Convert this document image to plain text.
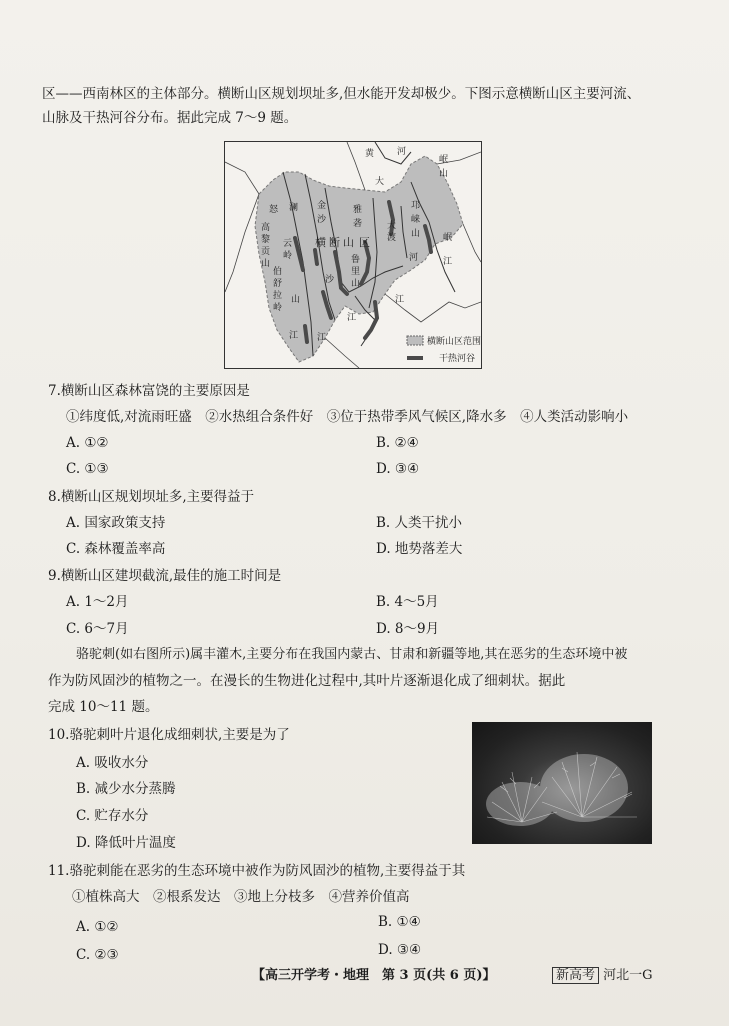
区——西南林区的主体部分。横断山区规划坝址多,但水能开发却极少。下图示意横断山区主要河流、
山脉及干热河谷分布。据此完成 7～9 题。
黄	河
大
岷
山
邛
崃
山	岷
江
河
横 断 山 区
江
江
怒 澜 金
沙
雅
砻
高
黎
贡
山
云
岭
大
渡
伯
舒
拉
岭
山
沙
鲁
里
山
江
江
横断山区范围
干热河谷
7.横断山区森林富饶的主要原因是
①纬度低,对流雨旺盛　②水热组合条件好　③位于热带季风气候区,降水多　④人类活动影响小
A. ①②	B. ②④
C. ①③	D. ③④
8.横断山区规划坝址多,主要得益于
A. 国家政策支持	B. 人类干扰小
C. 森林覆盖率高	D. 地势落差大
9.横断山区建坝截流,最佳的施工时间是
A. 1～2月	B. 4～5月
C. 6～7月	D. 8～9月
骆驼刺(如右图所示)属丰灌木,主要分布在我国内蒙古、甘肃和新疆等地,其在恶劣的生态环境中被
作为防风固沙的植物之一。在漫长的生物进化过程中,其叶片逐渐退化成了细刺状。据此
完成 10～11 题。
10.骆驼刺叶片退化成细刺状,主要是为了
A. 吸收水分
B. 减少水分蒸腾
C. 贮存水分
D. 降低叶片温度
11.骆驼刺能在恶劣的生态环境中被作为防风固沙的植物,主要得益于其
①植株高大　②根系发达　③地上分枝多　④营养价值高
A. ①②	B. ①④
C. ②③	D. ③④
【高三开学考・地理　第 3 页(共 6 页)】	新高考 河北一G
